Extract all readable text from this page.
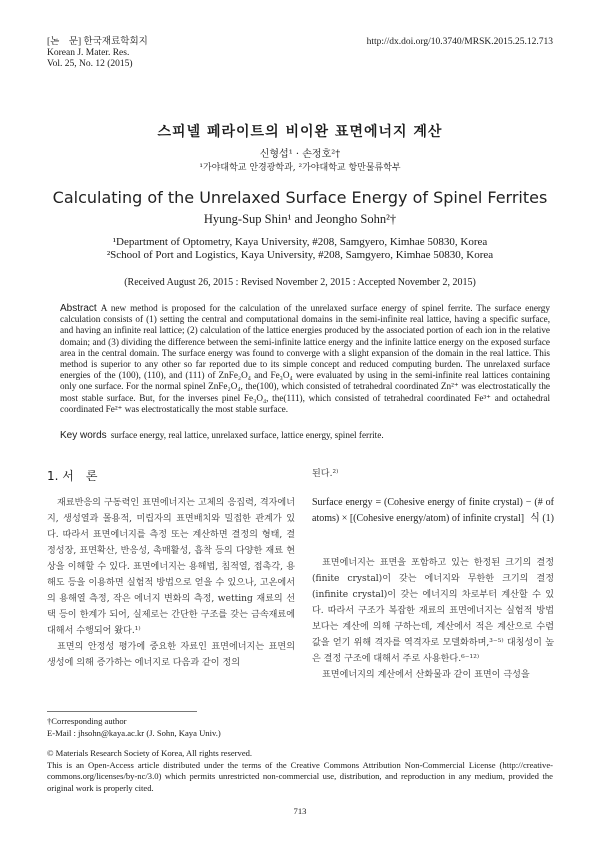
[논　문] 한국재료학회지
Korean J. Mater. Res.
Vol. 25, No. 12 (2015)
http://dx.doi.org/10.3740/MRSK.2015.25.12.713
스피넬 페라이트의 비이완 표면에너지 계산
신형섭¹ · 손정호²†
¹가야대학교 안경광학과, ²가야대학교 항만물류학부
Calculating of the Unrelaxed Surface Energy of Spinel Ferrites
Hyung-Sup Shin¹ and Jeongho Sohn²†
¹Department of Optometry, Kaya University, #208, Samgyero, Kimhae 50830, Korea
²School of Port and Logistics, Kaya University, #208, Samgyero, Kimhae 50830, Korea
(Received August 26, 2015 : Revised November 2, 2015 : Accepted November 2, 2015)
Abstract A new method is proposed for the calculation of the unrelaxed surface energy of spinel ferrite. The surface energy calculation consists of (1) setting the central and computational domains in the semi-infinite real lattice, having a specific surface, and having an infinite real lattice; (2) calculation of the lattice energies produced by the associated portion of each ion in the relative domain; and (3) dividing the difference between the semi-infinite lattice energy and the infinite lattice energy on the exposed surface area in the central domain. The surface energy was found to converge with a slight expansion of the domain in the real lattice. This method is superior to any other so far reported due to its simple concept and reduced computing burden. The unrelaxed surface energies of the (100), (110), and (111) of ZnFe₂O₄ and Fe₃O₄ were evaluated by using in the semi-infinite real lattices containing only one surface. For the normal spinel ZnFe₂O₄, the(100), which consisted of tetrahedral coordinated Zn²⁺ was electrostatically the most stable surface. But, for the inverses pinel Fe₃O₄, the(111), which consisted of tetrahedral coordinated Fe³⁺ and octahedral coordinated Fe²⁺ was electrostatically the most stable surface.
Key words surface energy, real lattice, unrelaxed surface, lattice energy, spinel ferrite.
1. 서　론

재료반응의 구동력인 표면에너지는 고체의 응집력, 격자에너지, 생성열과 몰용적, 미립자의 표면배치와 밀접한 관계가 있다. 따라서 표면에너지를 측정 또는 계산하면 결정의 형태, 결정성장, 표면확산, 반응성, 촉매활성, 흡착 등의 다양한 재료 현상을 이해할 수 있다. 표면에너지는 용해법, 침적열, 접촉각, 용해도 등을 이용하면 실험적 방법으로 얻을 수 있으나, 고온에서의 용해열 측정, 작은 에너지 변화의 측정, wetting 재료의 선택 등이 한계가 되어, 실제로는 간단한 구조를 갖는 금속재료에 대해서 수행되어 왔다.¹⁾

표면의 안정성 평가에 중요한 자료인 표면에너지는 표면의 생성에 의해 증가하는 에너지로 다음과 같이 정의

된다.²⁾

Surface energy = (Cohesive energy of finite crystal) − (# of atoms) × [(Cohesive energy/atom) of infinite crystal] 식 (1)

표면에너지는 표면을 포함하고 있는 한정된 크기의 결정(finite crystal)이 갖는 에너지와 무한한 크기의 결정(infinite crystal)이 갖는 에너지의 차로부터 계산할 수 있다. 따라서 구조가 복잡한 재료의 표면에너지는 실험적 방법보다는 계산에 의해 구하는데, 계산에서 적은 계산으로 수렴값을 얻기 위해 격자를 역격자로 모델화하며,³⁻⁵⁾ 대칭성이 높은 결정 구조에 대해서 주로 사용한다.⁶⁻¹²⁾

표면에너지의 계산에서 산화물과 같이 표면이 극성을

†Corresponding author
E-Mail : jhsohn@kaya.ac.kr (J. Sohn, Kaya Univ.)
© Materials Research Society of Korea, All rights reserved.
This is an Open-Access article distributed under the terms of the Creative Commons Attribution Non-Commercial License (http://creative-commons.org/licenses/by-nc/3.0) which permits unrestricted non-commercial use, distribution, and reproduction in any medium, provided the original work is properly cited.
713
